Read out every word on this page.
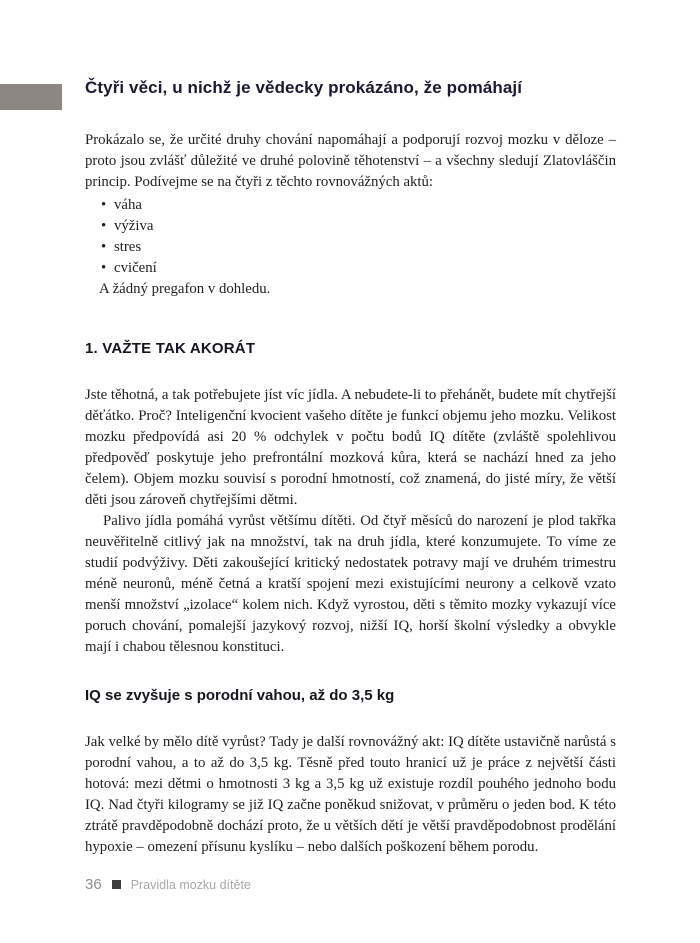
Čtyři věci, u nichž je vědecky prokázáno, že pomáhají

Prokázalo se, že určité druhy chování napomáhají a podporují rozvoj mozku v děloze – proto jsou zvlášť důležité ve druhé polovině těhotenství – a všechny sledují Zlatovláščin princip. Podívejme se na čtyři z těchto rovnovážných aktů:

• váha
• výživa
• stres
• cvičení

A žádný pregafon v dohledu.

1. VAŽTE TAK AKORÁT

Jste těhotná, a tak potřebujete jíst víc jídla. A nebudete-li to přehánět, budete mít chytřejší děťátko. Proč? Inteligenční kvocient vašeho dítěte je funkcí objemu jeho mozku. Velikost mozku předpovídá asi 20 % odchylek v počtu bodů IQ dítěte (zvláště spolehlivou předpověď poskytuje jeho prefrontální mozková kůra, která se nachází hned za jeho čelem). Objem mozku souvisí s porodní hmotností, což znamená, do jisté míry, že větší děti jsou zároveň chytřejšími dětmi.

Palivo jídla pomáhá vyrůst většímu dítěti. Od čtyř měsíců do narození je plod takřka neuvěřitelně citlivý jak na množství, tak na druh jídla, které konzumujete. To víme ze studií podvýživy. Děti zakoušející kritický nedostatek potravy mají ve druhém trimestru méně neuronů, méně četná a kratší spojení mezi existujícími neurony a celkově vzato menší množství „izolace“ kolem nich. Když vyrostou, děti s těmito mozky vykazují více poruch chování, pomalejší jazykový rozvoj, nižší IQ, horší školní výsledky a obvykle mají i chabou tělesnou konstituci.

IQ se zvyšuje s porodní vahou, až do 3,5 kg

Jak velké by mělo dítě vyrůst? Tady je další rovnovážný akt: IQ dítěte ustavičně narůstá s porodní vahou, a to až do 3,5 kg. Těsně před touto hranicí už je práce z největší části hotová: mezi dětmi o hmotnosti 3 kg a 3,5 kg už existuje rozdíl pouhého jednoho bodu IQ. Nad čtyři kilogramy se již IQ začne poněkud snižovat, v průměru o jeden bod. K této ztrátě pravděpodobně dochází proto, že u větších dětí je větší pravděpodobnost prodělání hypoxie – omezení přísunu kyslíku – nebo dalších poškození během porodu.

36 Pravidla mozku dítěte
